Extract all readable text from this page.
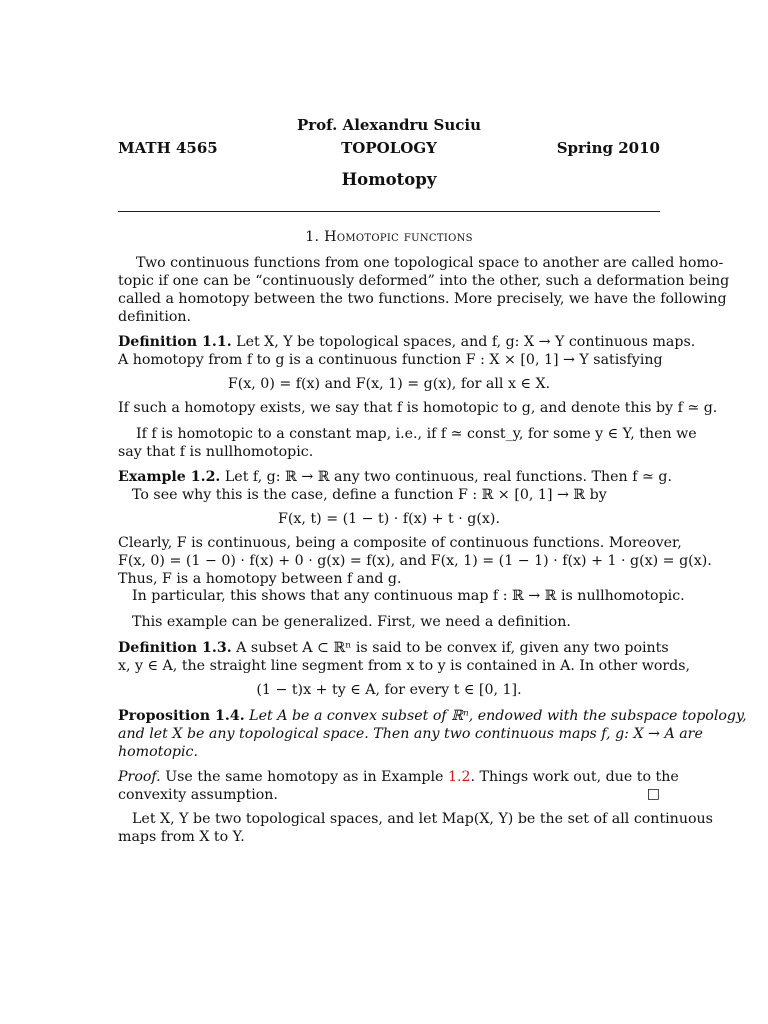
Prof. Alexandru Suciu
MATH 4565	TOPOLOGY	Spring 2010
Homotopy
1. Homotopic functions
Two continuous functions from one topological space to another are called homo-
topic if one can be “continuously deformed” into the other, such a deformation being
called a homotopy between the two functions. More precisely, we have the following
definition.
Definition 1.1. Let X, Y be topological spaces, and f, g: X → Y continuous maps.
A homotopy from f to g is a continuous function F : X × [0, 1] → Y satisfying
F(x, 0) = f(x) and F(x, 1) = g(x), for all x ∈ X.
If such a homotopy exists, we say that f is homotopic to g, and denote this by f ≃ g.
If f is homotopic to a constant map, i.e., if f ≃ const_y, for some y ∈ Y, then we
say that f is nullhomotopic.
Example 1.2. Let f, g: ℝ → ℝ any two continuous, real functions. Then f ≃ g.
To see why this is the case, define a function F : ℝ × [0, 1] → ℝ by
F(x, t) = (1 − t) · f(x) + t · g(x).
Clearly, F is continuous, being a composite of continuous functions. Moreover,
F(x, 0) = (1 − 0) · f(x) + 0 · g(x) = f(x), and F(x, 1) = (1 − 1) · f(x) + 1 · g(x) = g(x).
Thus, F is a homotopy between f and g.
In particular, this shows that any continuous map f : ℝ → ℝ is nullhomotopic.
This example can be generalized. First, we need a definition.
Definition 1.3. A subset A ⊂ ℝⁿ is said to be convex if, given any two points
x, y ∈ A, the straight line segment from x to y is contained in A. In other words,
(1 − t)x + ty ∈ A, for every t ∈ [0, 1].
Proposition 1.4. Let A be a convex subset of ℝⁿ, endowed with the subspace topology,
and let X be any topological space. Then any two continuous maps f, g: X → A are
homotopic.
Proof. Use the same homotopy as in Example 1.2. Things work out, due to the
convexity assumption.	□
Let X, Y be two topological spaces, and let Map(X, Y) be the set of all continuous
maps from X to Y.
